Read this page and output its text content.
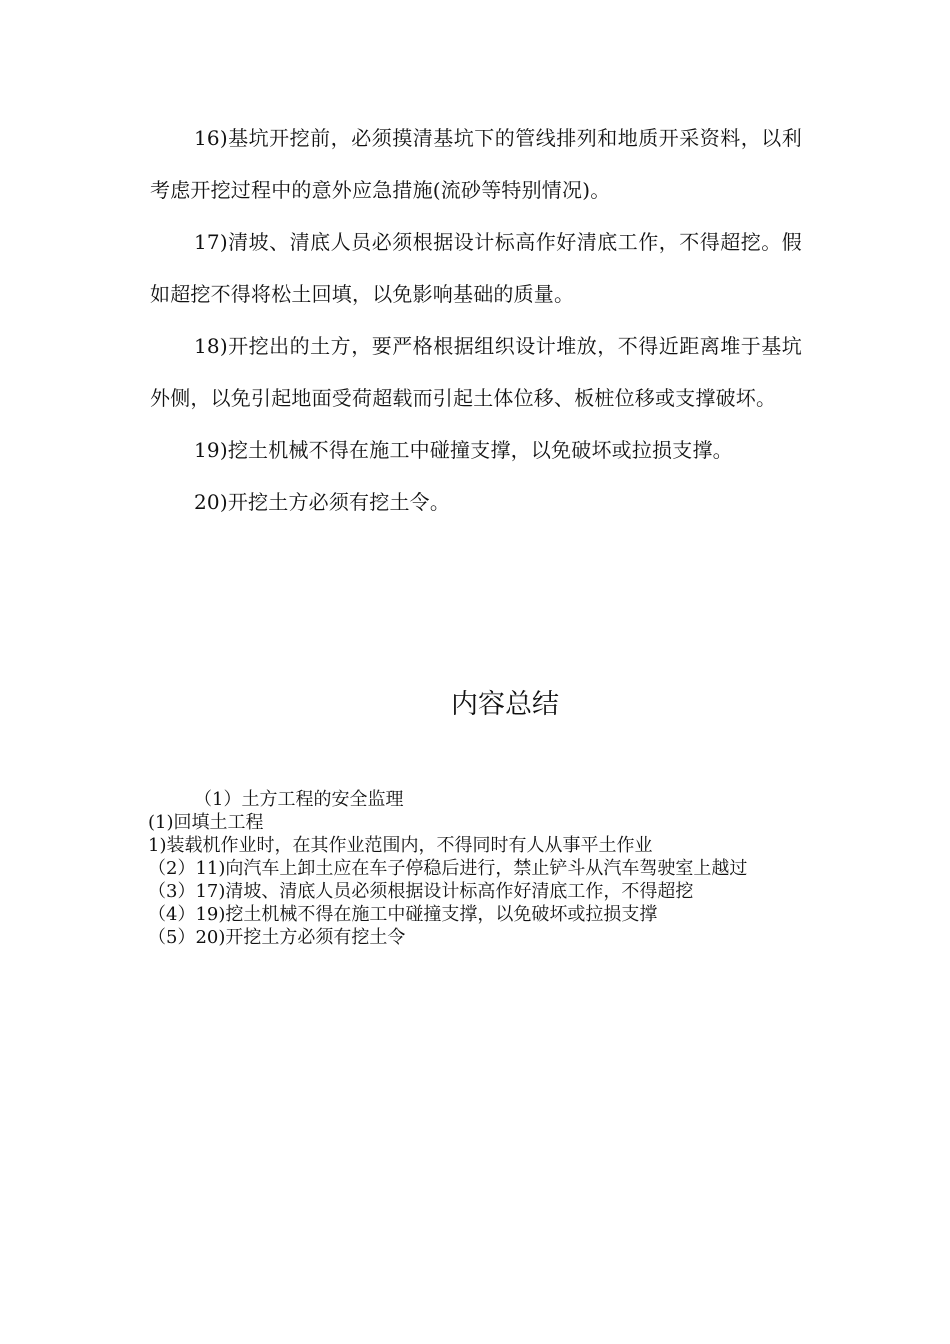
16)基坑开挖前，必须摸清基坑下的管线排列和地质开采资料，以利考虑开挖过程中的意外应急措施(流砂等特别情况)。

17)清坡、清底人员必须根据设计标高作好清底工作，不得超挖。假如超挖不得将松土回填，以免影响基础的质量。

18)开挖出的土方，要严格根据组织设计堆放，不得近距离堆于基坑外侧，以免引起地面受荷超载而引起土体位移、板桩位移或支撑破坏。

19)挖土机械不得在施工中碰撞支撑，以免破坏或拉损支撑。

20)开挖土方必须有挖土令。

内容总结

（1）土方工程的安全监理

(1)回填土工程

1)装载机作业时，在其作业范围内，不得同时有人从事平土作业

（2）11)向汽车上卸土应在车子停稳后进行，禁止铲斗从汽车驾驶室上越过

（3）17)清坡、清底人员必须根据设计标高作好清底工作，不得超挖

（4）19)挖土机械不得在施工中碰撞支撑，以免破坏或拉损支撑

（5）20)开挖土方必须有挖土令
